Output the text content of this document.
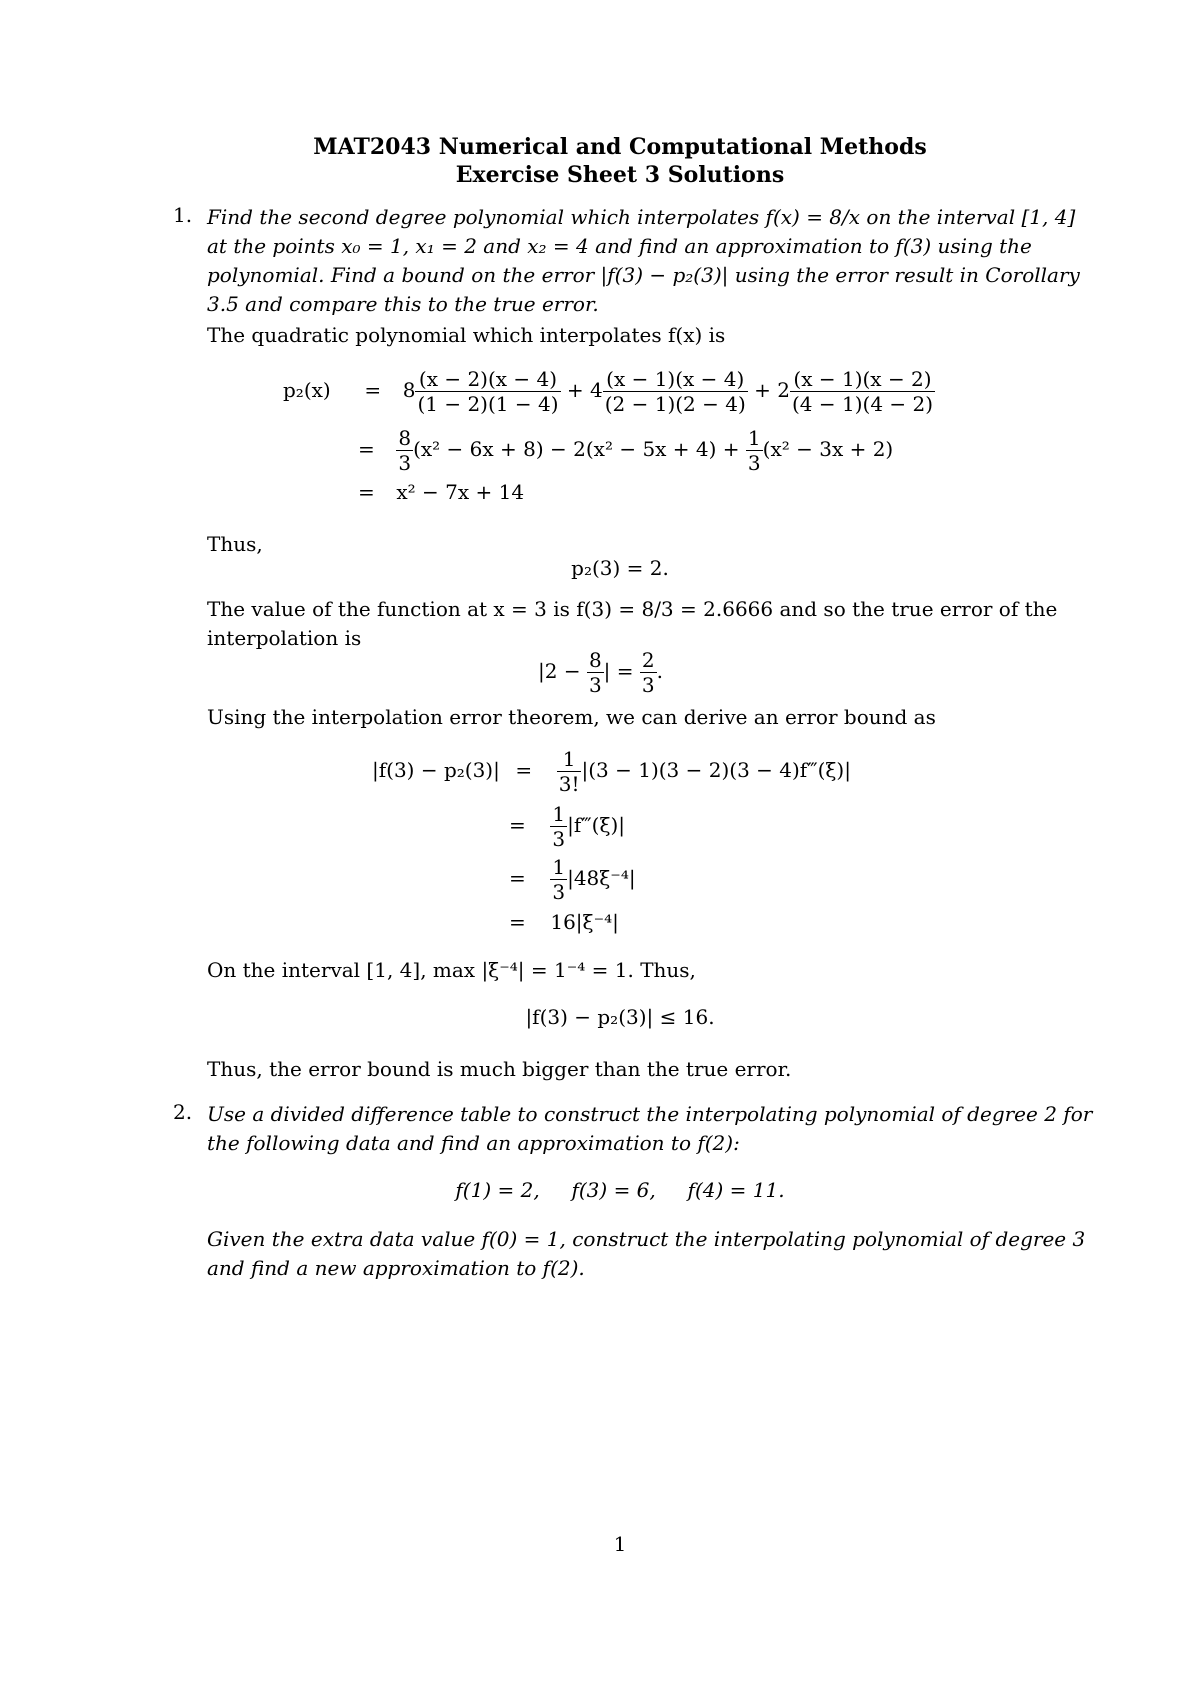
MAT2043 Numerical and Computational Methods
Exercise Sheet 3 Solutions
1. Find the second degree polynomial which interpolates f(x) = 8/x on the interval [1, 4]
at the points x₀ = 1, x₁ = 2 and x₂ = 4 and find an approximation to f(3) using the
polynomial. Find a bound on the error |f(3) − p₂(3)| using the error result in Corollary
3.5 and compare this to the true error.
The quadratic polynomial which interpolates f(x) is
$p_2(x) = 8 \frac{(x - 2)(x - 4)}{(1 - 2)(1 - 4)} + 4 \frac{(x - 1)(x - 4)}{(2 - 1)(2 - 4)} + 2 \frac{(x - 1)(x - 2)}{(4 - 1)(4 - 2)}$
= $\frac{8}{3} (x^2 - 6x + 8) - 2(x^2 - 5x + 4) + \frac{1}{3} (x^2 - 3x + 2)$
= x² − 7x + 14
Thus,
p₂(3) = 2.
The value of the function at x = 3 is f(3) = 8/3 = 2.6666 and so the true error of the
interpolation is
$|2 - \frac{8}{3}$ | = $\frac{2}{3}$ .
Using the interpolation error theorem, we can derive an error bound as
$|f(3) - p_2(3)| = \frac{1}{3!} |(3 - 1)(3 - 2)(3$ − 4)f‴(ξ)|
= $\frac{1}{3}$ |f‴(ξ)|
= $\frac{1}{3} |48\xi^{-4}|$
= 16|ξ⁻⁴|
On the interval [1, 4], max |ξ⁻⁴| = 1⁻⁴ = 1. Thus,
|f(3) − p₂(3)| ≤ 16.
Thus, the error bound is much bigger than the true error.
2. Use a divided difference table to construct the interpolating polynomial of degree 2 for
the following data and find an approximation to f(2):
f(1) = 2,     f(3) = 6,     f(4) = 11.
Given the extra data value f(0) = 1, construct the interpolating polynomial of degree 3
and find a new approximation to f(2).
1
